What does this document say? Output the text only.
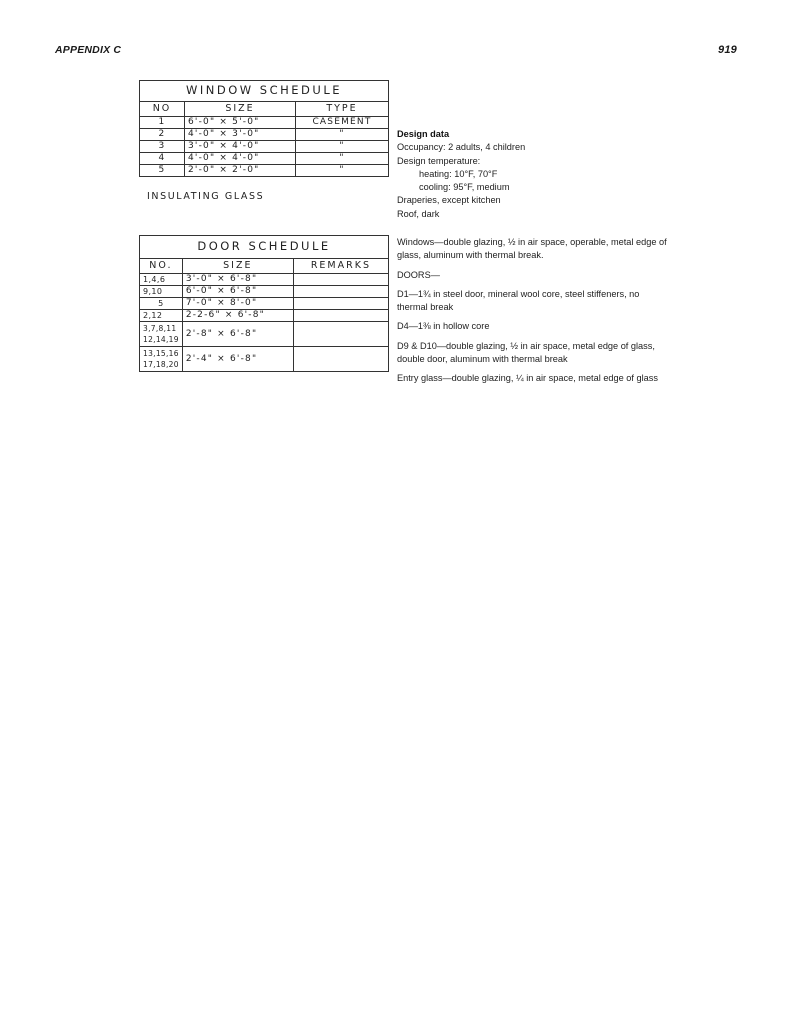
APPENDIX C	919
WINDOW SCHEDULE		
NO	SIZE	TYPE
1	6'-0" × 5'-0"	CASEMENT
2	4'-0" × 3'-0"	"
3	3'-0" × 4'-0"	"
4	4'-0" × 4'-0"	"
5	2'-0" × 2'-0"	"
INSULATING GLASS
DOOR SCHEDULE		
NO.	SIZE	REMARKS
1,4,6	3'-0" × 6'-8"	
9,10	6'-0" × 6'-8"	
5	7'-0" × 8'-0"	
2,12	2-2-6" × 6'-8"	

3,7,8,11
12,14,19	2'-8" × 6'-8"	

13,15,16
17,18,20	2'-4" × 6'-8"	

Design data

Occupancy: 2 adults, 4 children

Design temperature:

heating: 10°F, 70°F

cooling: 95°F, medium

Draperies, except kitchen

Roof, dark

Windows—double glazing, ½ in air space, operable, metal edge of glass, aluminum with thermal break.

DOORS—

D1—1¾ in steel door, mineral wool core, steel stiffeners, no thermal break

D4—1⅜ in hollow core

D9 & D10—double glazing, ½ in air space, metal edge of glass, double door, aluminum with thermal break

Entry glass—double glazing, ¼ in air space, metal edge of glass
